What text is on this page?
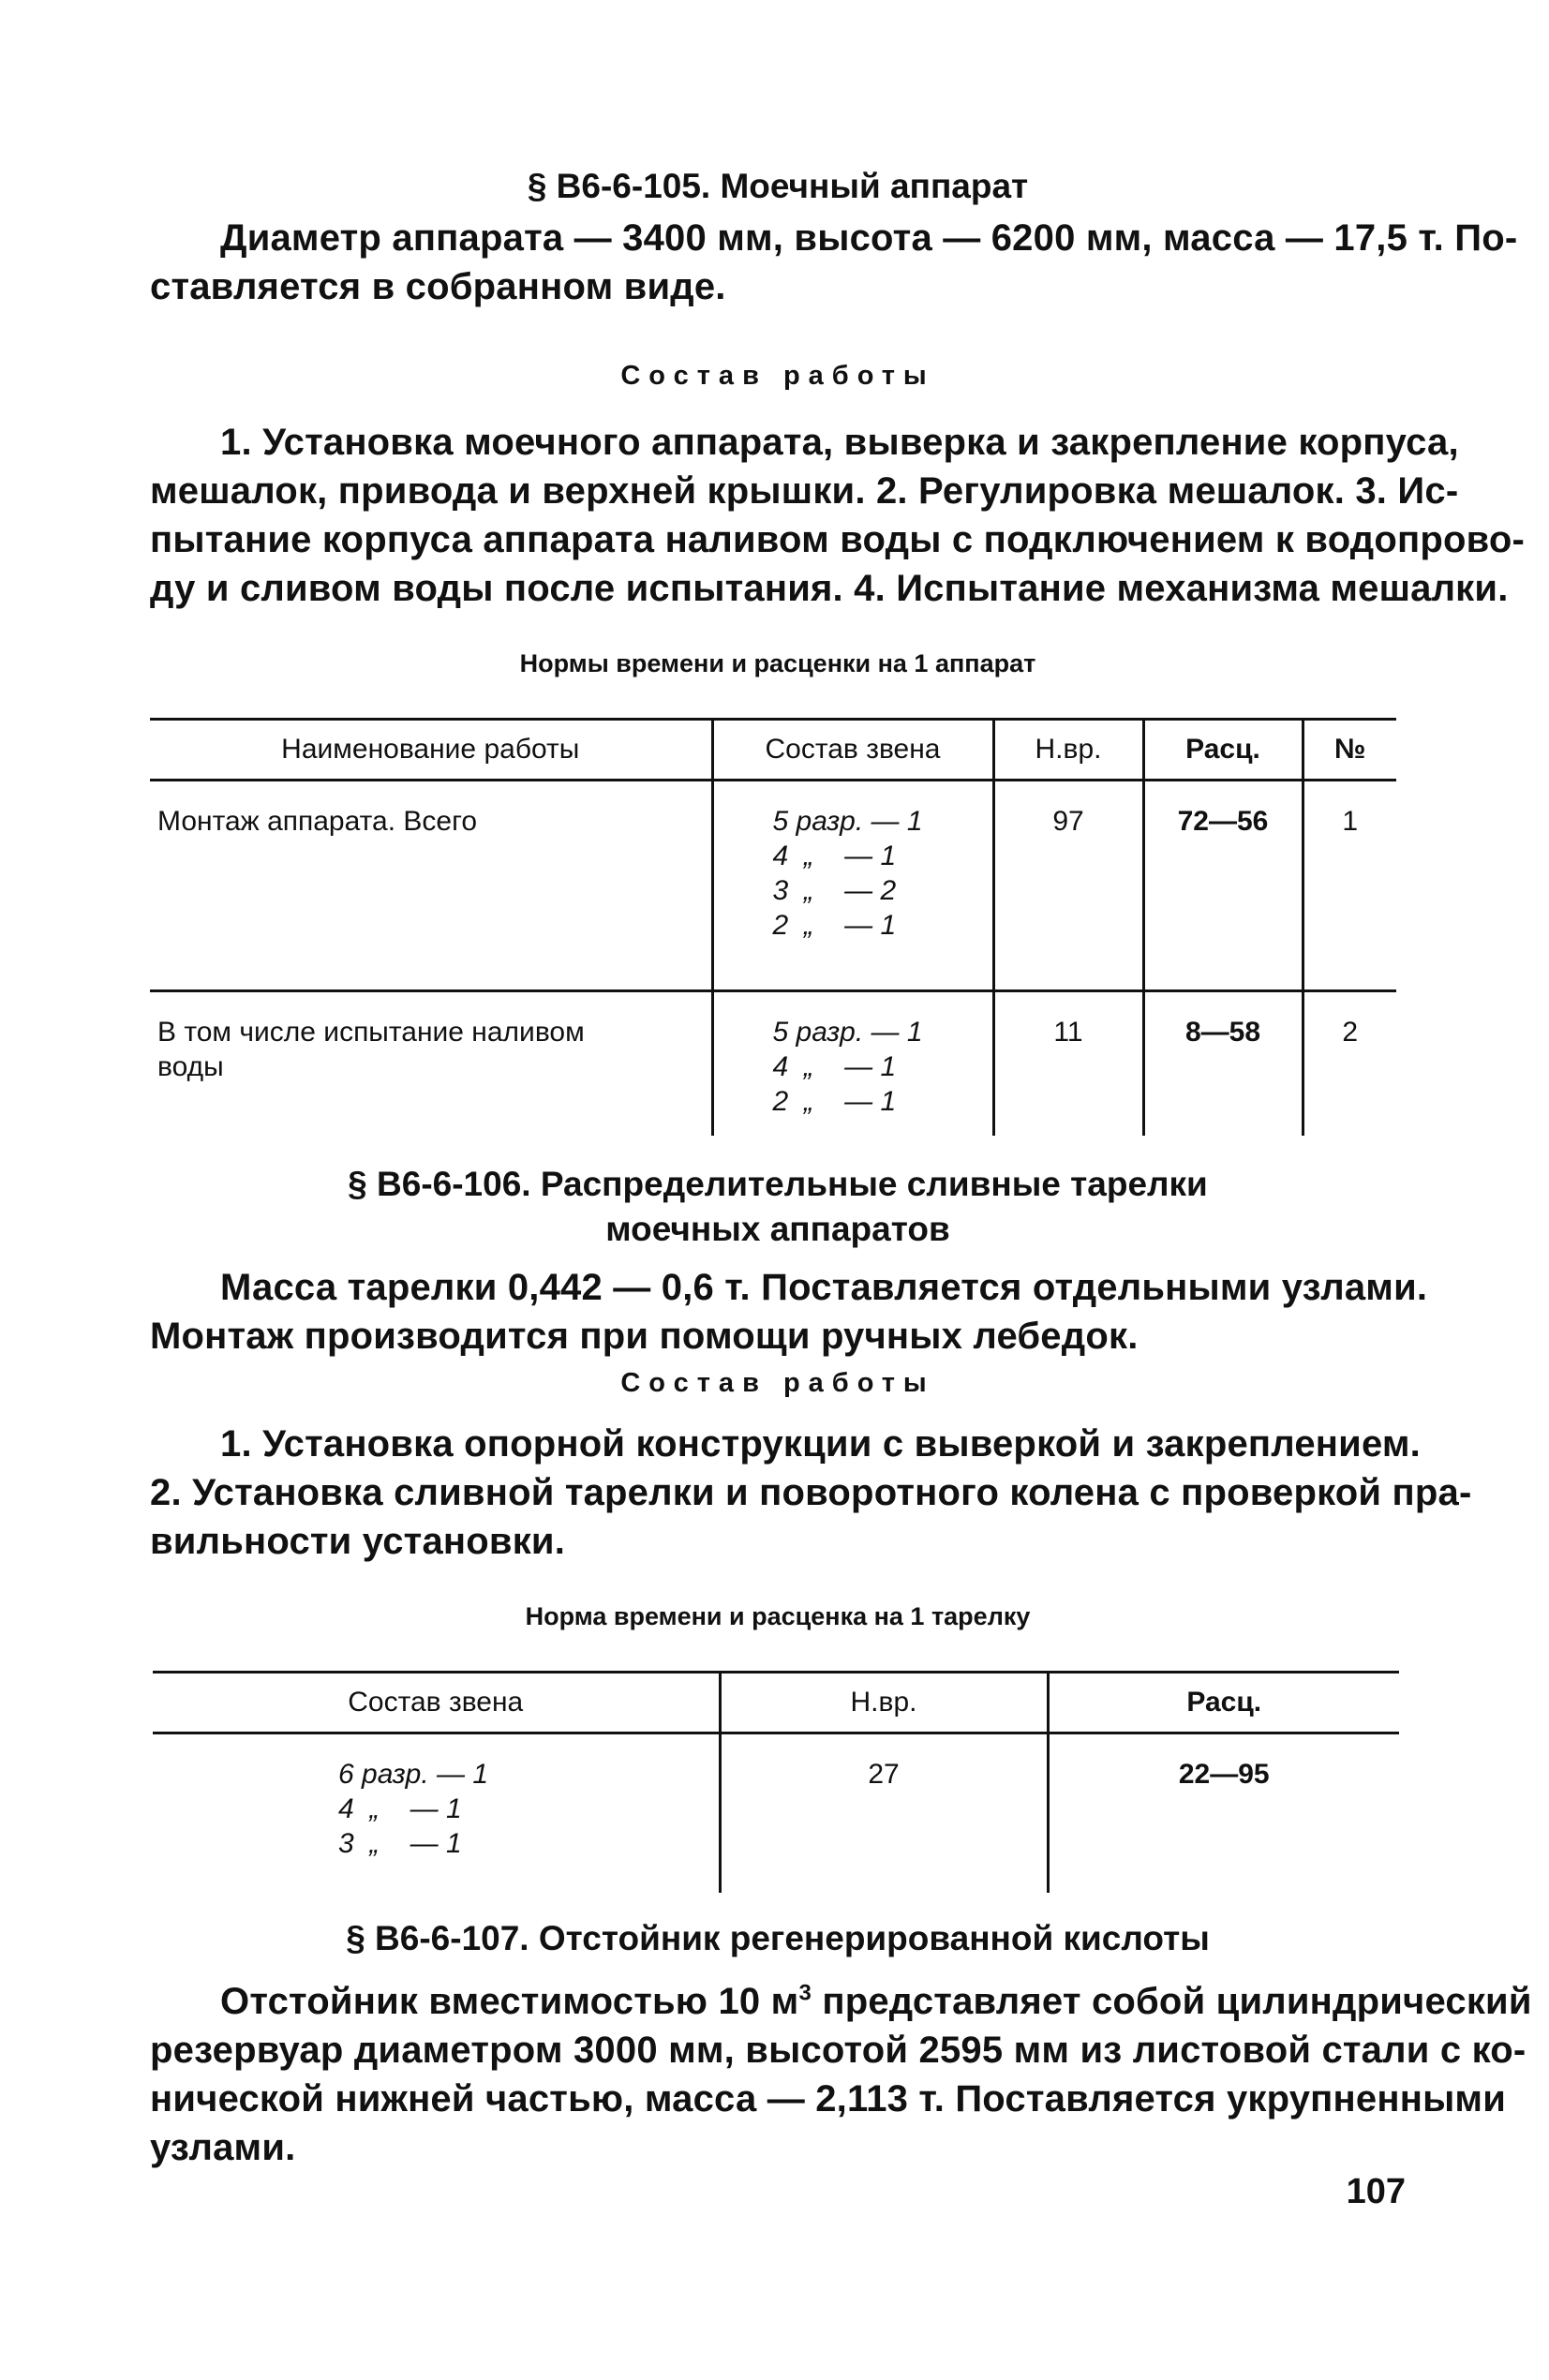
§ В6-6-105. Моечный аппарат

Диаметр аппарата — 3400 мм, высота — 6200 мм, масса — 17,5 т. По-
ставляется в собранном виде.

Состав работы

1. Установка моечного аппарата, выверка и закрепление корпуса,
мешалок, привода и верхней крышки. 2. Регулировка мешалок. 3. Ис-
пытание корпуса аппарата наливом воды с подключением к водопрово-
ду и сливом воды после испытания. 4. Испытание механизма мешалки.

Нормы времени и расценки на 1 аппарат

Наименование работы	Состав звена	Н.вр.	Расц.	№
Монтаж аппарата. Всего	5 разр. — 1
4  „    — 1
3  „    — 2
2  „    — 1	97	72—56	1

В том числе испытание наливом
воды	5 разр. — 1
4  „    — 1
2  „    — 1	11	8—58	2
§ В6-6-106. Распределительные сливные тарелки
моечных аппаратов
Масса тарелки 0,442 — 0,6 т. Поставляется отдельными узлами.
Монтаж производится при помощи ручных лебедок.

Состав работы

1. Установка опорной конструкции с выверкой и закреплением.
2. Установка сливной тарелки и поворотного колена с проверкой пра-
вильности установки.

Норма времени и расценка на 1 тарелку

Состав звена	Н.вр.	Расц.

6 разр. — 1
4  „    — 1
3  „    — 1	27	22—95

§ В6-6-107. Отстойник регенерированной кислоты

Отстойник вместимостью 10 $м^3$ представляет собой цилиндрический
резервуар диаметром 3000 мм, высотой 2595 мм из листовой стали с ко-
нической нижней частью, масса — 2,113 т. Поставляется укрупненными
узлами.

107
